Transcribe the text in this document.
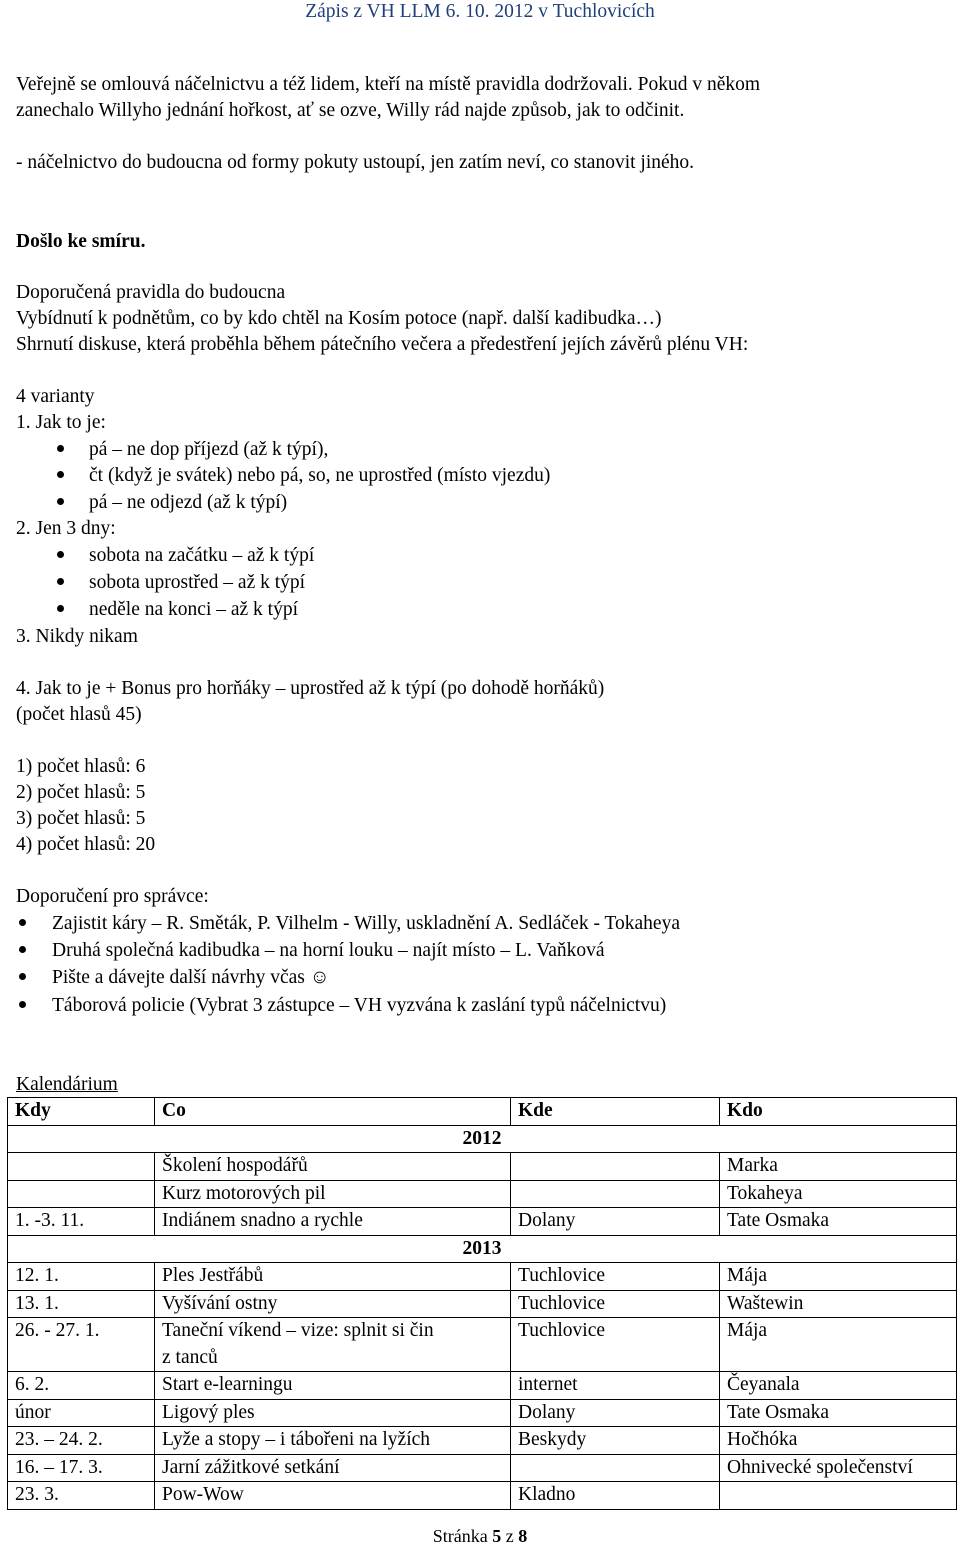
Zápis z VH LLM 6. 10. 2012 v Tuchlovicích
Veřejně se omlouvá náčelnictvu a též lidem, kteří na místě pravidla dodržovali. Pokud v někom
zanechalo Willyho jednání hořkost, ať se ozve, Willy rád najde způsob, jak to odčinit.
- náčelnictvo do budoucna od formy pokuty ustoupí, jen zatím neví, co stanovit jiného.
Došlo ke smíru.
Doporučená pravidla do budoucna
Vybídnutí k podnětům, co by kdo chtěl na Kosím potoce (např. další kadibudka…)
Shrnutí diskuse, která proběhla během pátečního večera a předestření jejích závěrů plénu VH:
4 varianty
1. Jak to je:
pá – ne dop příjezd (až k týpí),
čt (když je svátek) nebo pá, so, ne uprostřed (místo vjezdu)
pá – ne odjezd (až k týpí)
2. Jen 3 dny:
sobota na začátku – až k týpí
sobota uprostřed – až k týpí
neděle na konci – až k týpí
3. Nikdy nikam
4. Jak to je + Bonus pro horňáky – uprostřed až k týpí (po dohodě horňáků)
(počet hlasů 45)
1) počet hlasů: 6
2) počet hlasů: 5
3) počet hlasů: 5
4) počet hlasů: 20
Doporučení pro správce:
Zajistit káry – R. Směták, P. Vilhelm - Willy, uskladnění A. Sedláček - Tokaheya
Druhá společná kadibudka – na horní louku – najít místo – L. Vaňková
Pište a dávejte další návrhy včas ☺
Táborová policie (Vybrat 3 zástupce – VH vyzvána k zaslání typů náčelnictvu)
Kalendárium
Kdy	Co	Kde	Kdo
2012			
	Školení hospodářů		Marka
	Kurz motorových pil		Tokaheya
1. -3. 11.	Indiánem snadno a rychle	Dolany	Tate Osmaka
2013			
12. 1.	Ples Jestřábů	Tuchlovice	Mája
13. 1.	Vyšívání ostny	Tuchlovice	Waštewin
26. - 27. 1.	Taneční víkend – vize: splnit si čin
z tanců	Tuchlovice	Mája
6. 2.	Start e-learningu	internet	Čeyanala
únor	Ligový ples	Dolany	Tate Osmaka
23. – 24. 2.	Lyže a stopy – i tábořeni na lyžích	Beskydy	Hočhóka
16. – 17. 3.	Jarní zážitkové setkání		Ohnivecké společenství
23. 3.	Pow-Wow	Kladno	
Stránka 5 z 8
